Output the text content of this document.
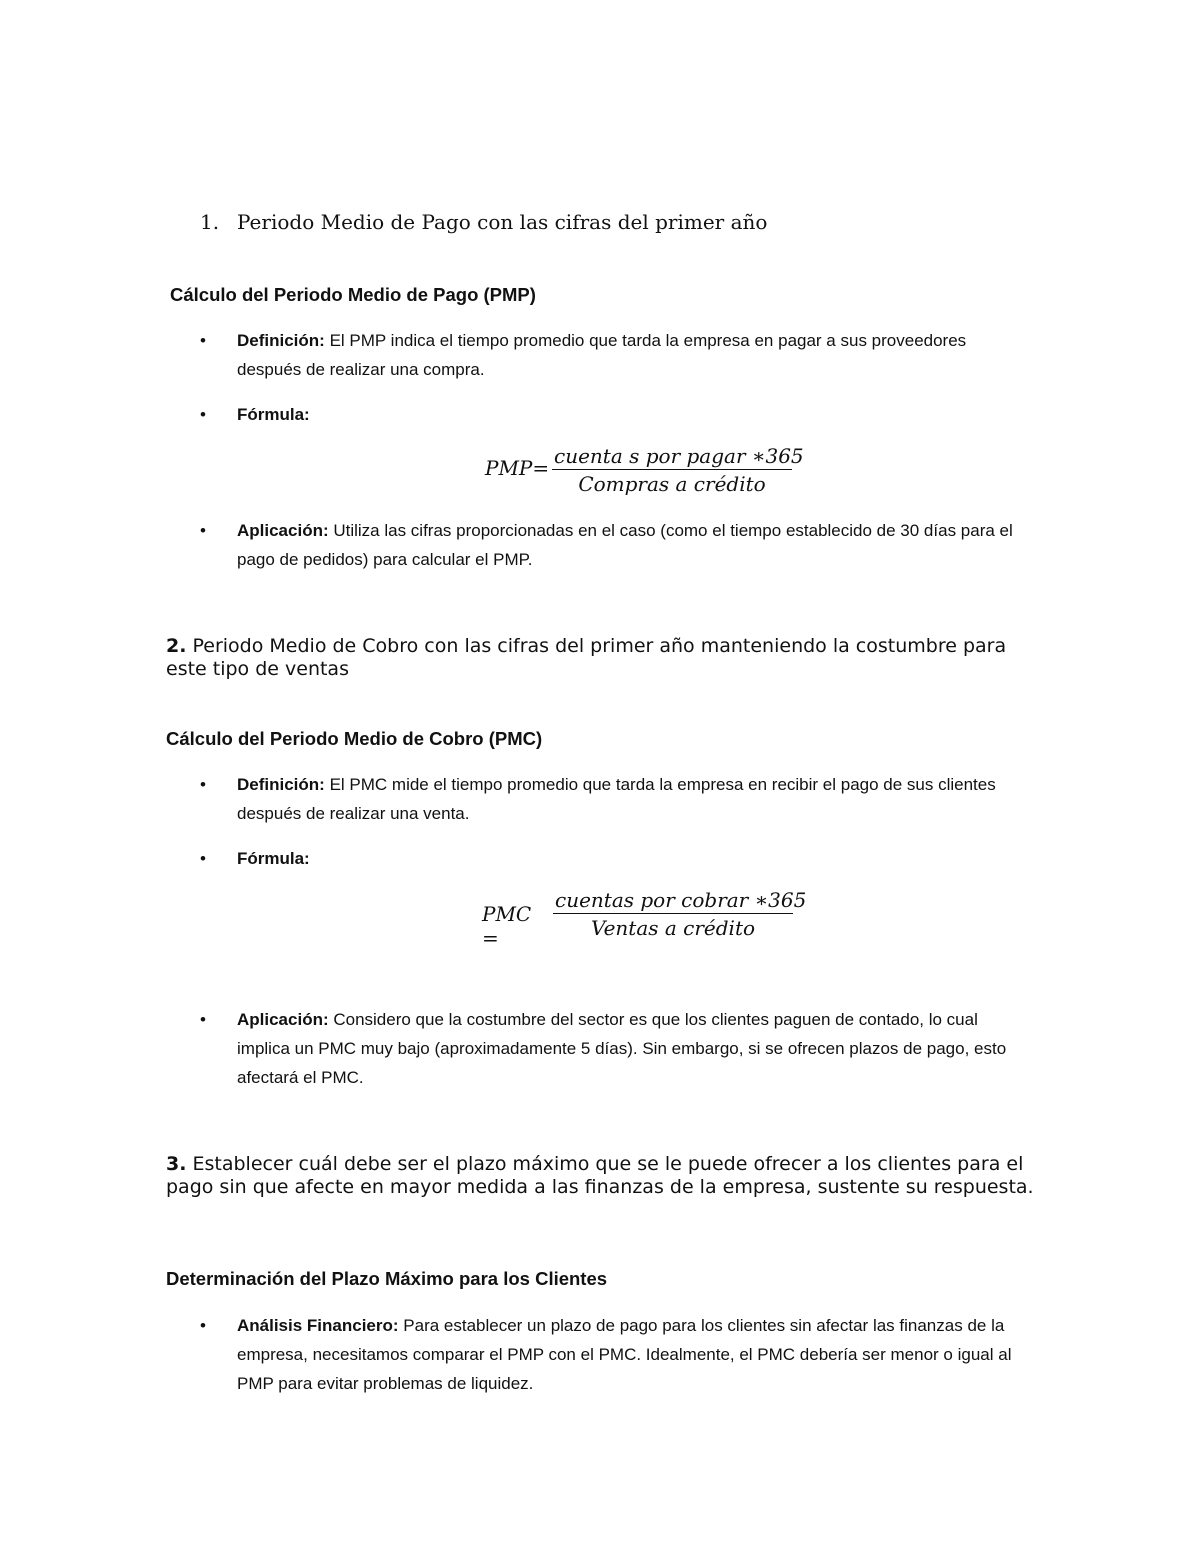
1. Periodo Medio de Pago con las cifras del primer año
Cálculo del Periodo Medio de Pago (PMP)
• Definición: El PMP indica el tiempo promedio que tarda la empresa en pagar a sus proveedores después de realizar una compra.
• Fórmula:
PMP= cuenta s por pagar ∗365
Compras a crédito
• Aplicación: Utiliza las cifras proporcionadas en el caso (como el tiempo establecido de 30 días para el pago de pedidos) para calcular el PMP.
2. Periodo Medio de Cobro con las cifras del primer año manteniendo la costumbre para este tipo de ventas
Cálculo del Periodo Medio de Cobro (PMC)
• Definición: El PMC mide el tiempo promedio que tarda la empresa en recibir el pago de sus clientes después de realizar una venta.
• Fórmula:
PMC =
cuentas por cobrar ∗365
Ventas a crédito
• Aplicación: Considero que la costumbre del sector es que los clientes paguen de contado, lo cual implica un PMC muy bajo (aproximadamente 5 días). Sin embargo, si se ofrecen plazos de pago, esto afectará el PMC.
3. Establecer cuál debe ser el plazo máximo que se le puede ofrecer a los clientes para el pago sin que afecte en mayor medida a las finanzas de la empresa, sustente su respuesta.
Determinación del Plazo Máximo para los Clientes
• Análisis Financiero: Para establecer un plazo de pago para los clientes sin afectar las finanzas de la empresa, necesitamos comparar el PMP con el PMC. Idealmente, el PMC debería ser menor o igual al PMP para evitar problemas de liquidez.
